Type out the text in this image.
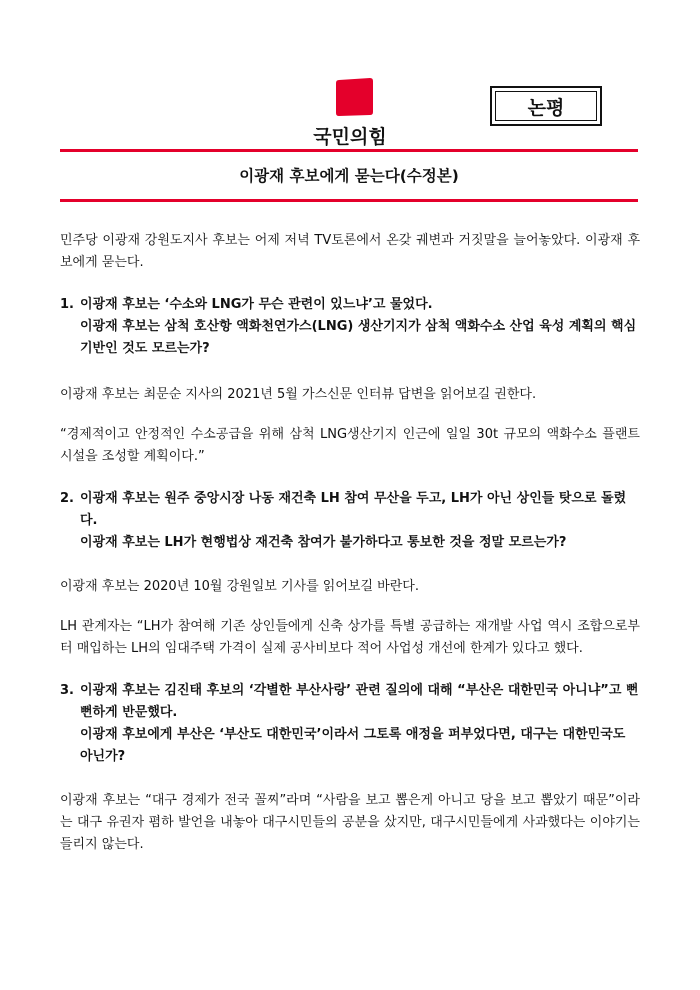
국민의힘
논평
이광재 후보에게 묻는다(수정본)

민주당 이광재 강원도지사 후보는 어제 저녁 TV토론에서 온갖 궤변과 거짓말을 늘어놓았다. 이광재 후보에게 묻는다.

1. 이광재 후보는 ‘수소와 LNG가 무슨 관련이 있느냐’고 물었다.
이광재 후보는 삼척 호산항 액화천연가스(LNG) 생산기지가 삼척 액화수소 산업 육성 계획의 핵심기반인 것도 모르는가?

이광재 후보는 최문순 지사의 2021년 5월 가스신문 인터뷰 답변을 읽어보길 권한다.

“경제적이고 안정적인 수소공급을 위해 삼척 LNG생산기지 인근에 일일 30t 규모의 액화수소 플랜트 시설을 조성할 계획이다.”

2. 이광재 후보는 원주 중앙시장 나동 재건축 LH 참여 무산을 두고, LH가 아닌 상인들 탓으로 돌렸다.
이광재 후보는 LH가 현행법상 재건축 참여가 불가하다고 통보한 것을 정말 모르는가?

이광재 후보는 2020년 10월 강원일보 기사를 읽어보길 바란다.

LH 관계자는 “LH가 참여해 기존 상인들에게 신축 상가를 특별 공급하는 재개발 사업 역시 조합으로부터 매입하는 LH의 임대주택 가격이 실제 공사비보다 적어 사업성 개선에 한계가 있다고 했다.

3. 이광재 후보는 김진태 후보의 ‘각별한 부산사랑’ 관련 질의에 대해 “부산은 대한민국 아니냐”고 뻔뻔하게 반문했다.
이광재 후보에게 부산은 ‘부산도 대한민국’이라서 그토록 애정을 퍼부었다면, 대구는 대한민국도 아닌가?

이광재 후보는 “대구 경제가 전국 꼴찌”라며 “사람을 보고 뽑은게 아니고 당을 보고 뽑았기 때문”이라는 대구 유권자 폄하 발언을 내놓아 대구시민들의 공분을 샀지만, 대구시민들에게 사과했다는 이야기는 들리지 않는다.
